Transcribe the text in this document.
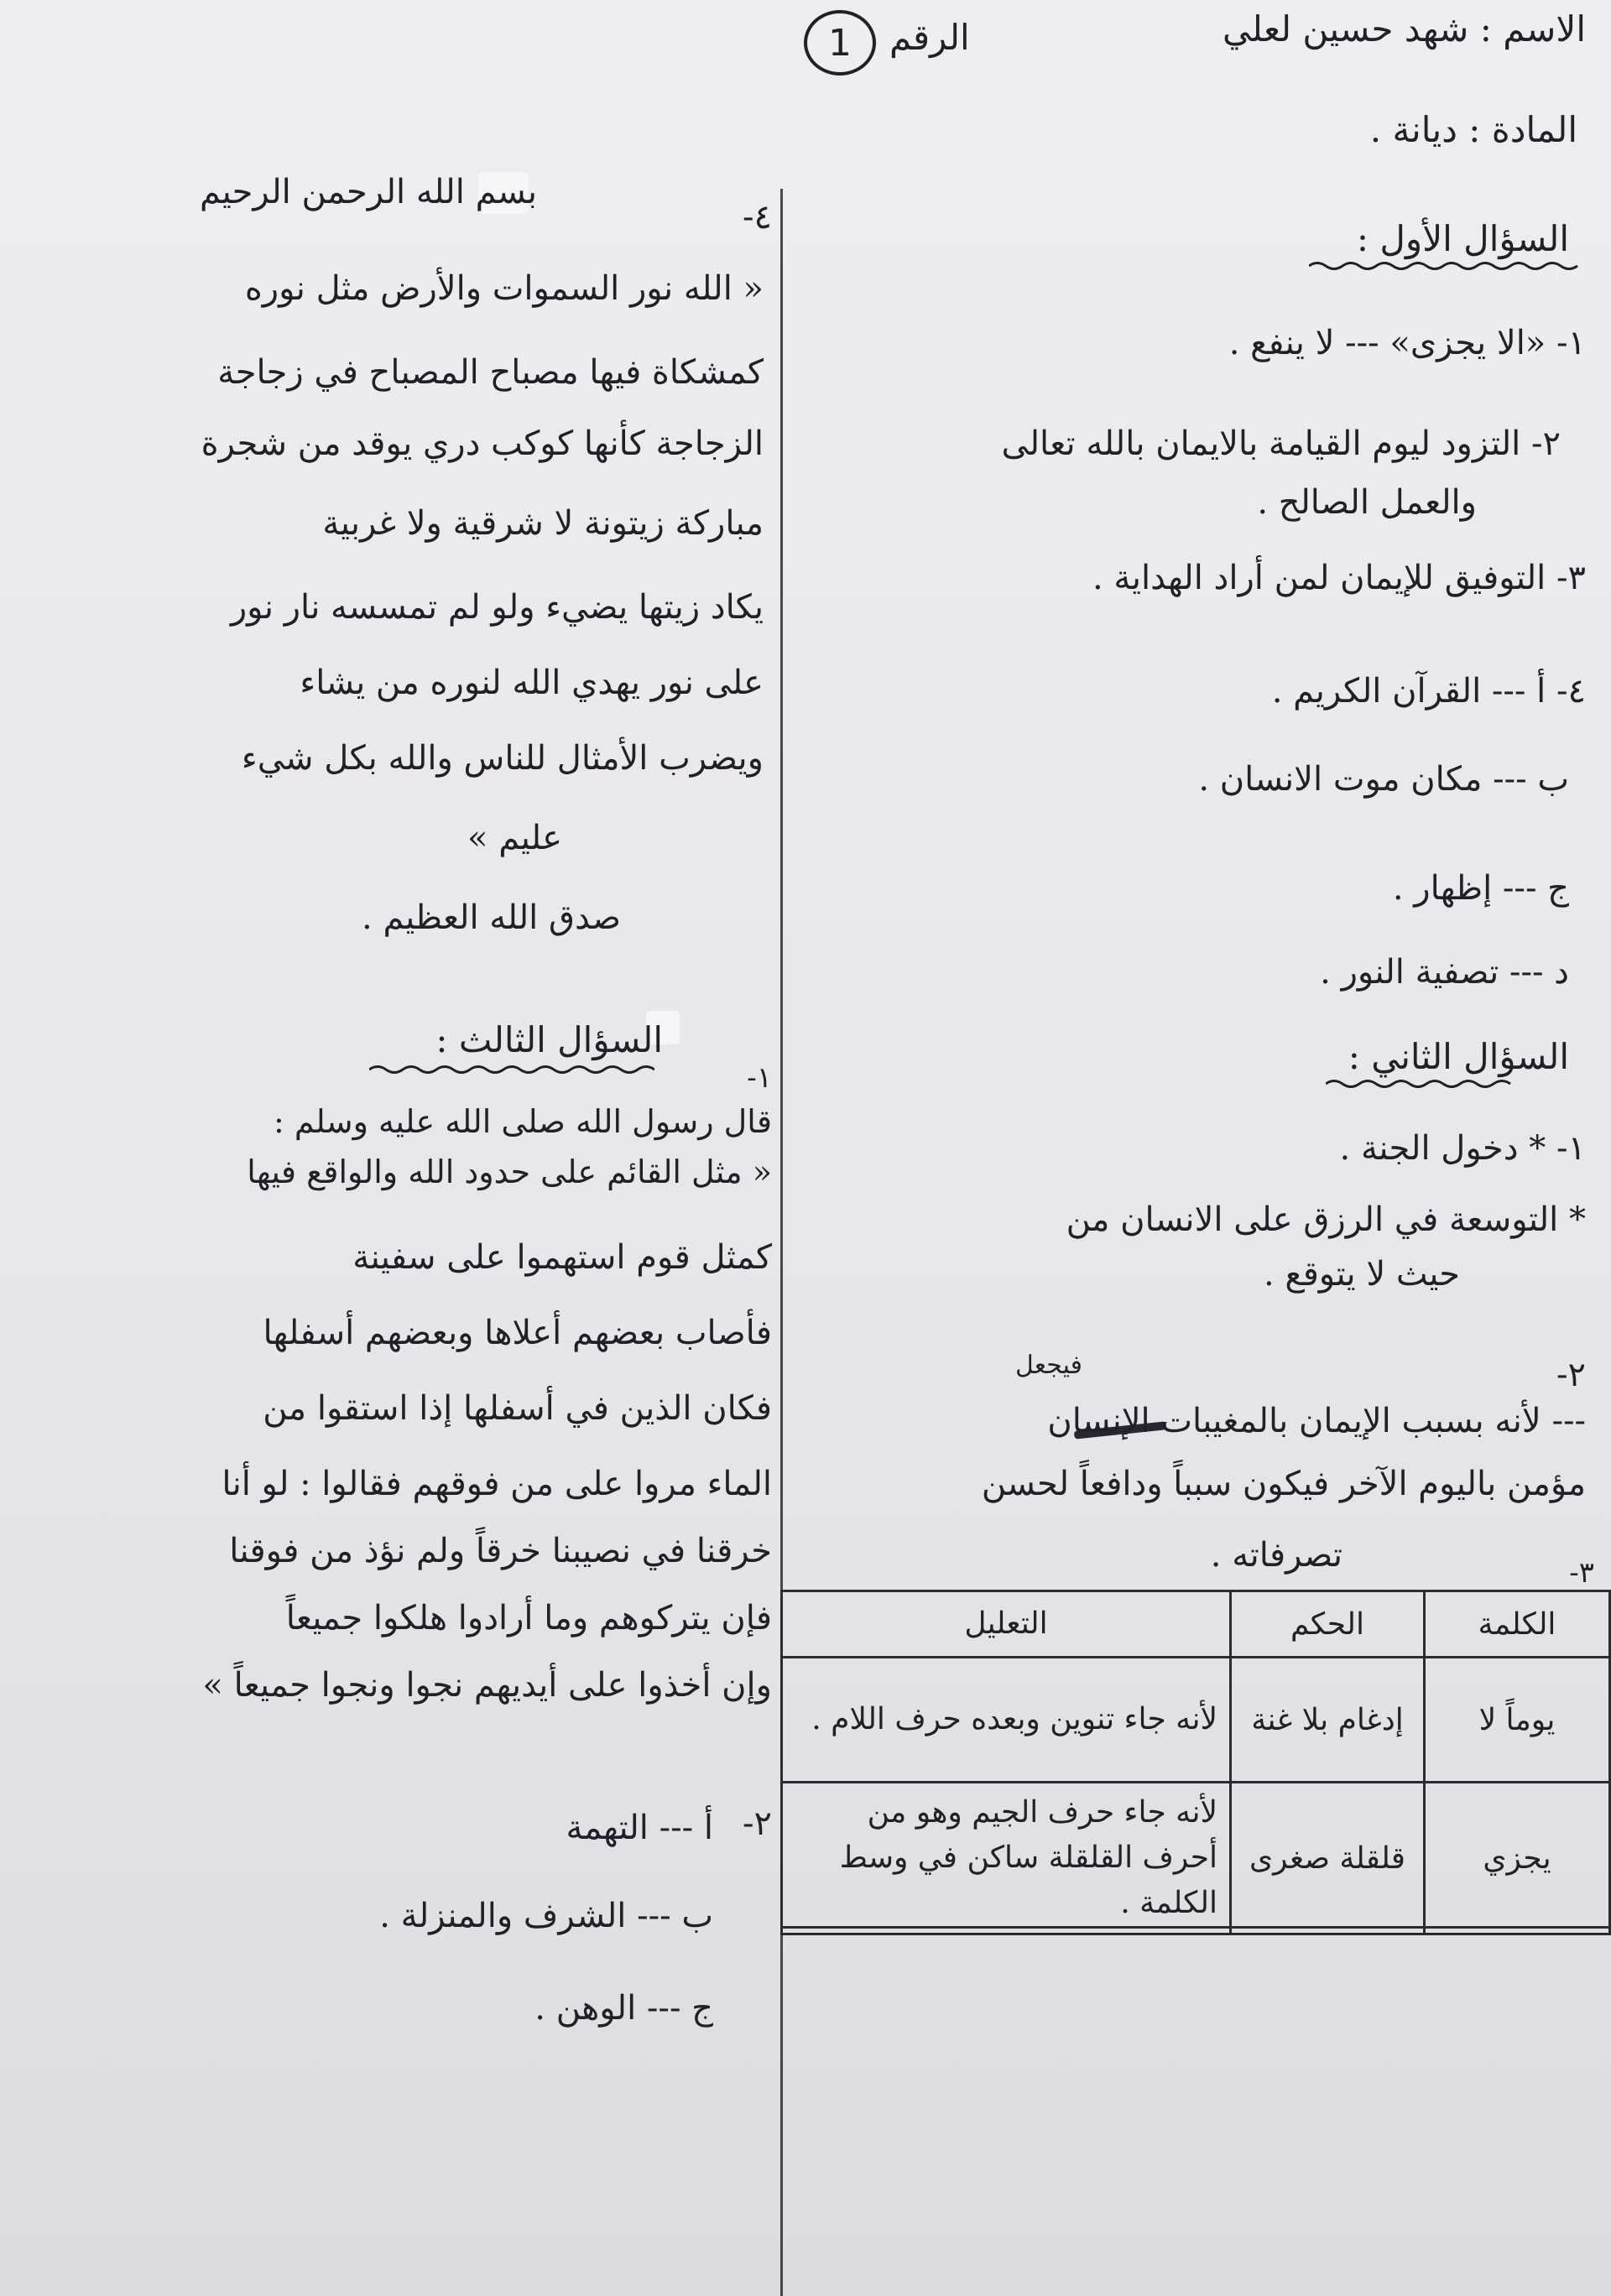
الاسم : شهد حسين لعلي
الرقم
1
المادة : ديانة .
السؤال الأول :
١- «الا يجزى» --- لا ينفع .
٢- التزود ليوم القيامة بالايمان بالله تعالى
والعمل الصالح .
٣- التوفيق للإيمان لمن أراد الهداية .
٤- أ --- القرآن الكريم .
ب --- مكان موت الانسان .
ج --- إظهار .
د --- تصفية النور .
السؤال الثاني :
١- * دخول الجنة .
* التوسعة في الرزق على الانسان من
حيث لا يتوقع .
٢-
فيجعل
--- لأنه بسبب الإيمان بالمغيبات الإنسان
مؤمن باليوم الآخر فيكون سبباً ودافعاً لحسن
تصرفاته .	٣-
الكلمة	الحكم	التعليل
يوماً لا	إدغام بلا غنة	لأنه جاء تنوين وبعده حرف اللام .
يجزي	قلقلة صغرى	لأنه جاء حرف الجيم وهو من أحرف القلقلة ساكن في وسط الكلمة .
٤-
بسم الله الرحمن الرحيم
« الله نور السموات والأرض مثل نوره
كمشكاة فيها مصباح المصباح في زجاجة
الزجاجة كأنها كوكب دري يوقد من شجرة
مباركة زيتونة لا شرقية ولا غربية
يكاد زيتها يضيء ولو لم تمسسه نار نور
على نور يهدي الله لنوره من يشاء
ويضرب الأمثال للناس والله بكل شيء
عليم »
صدق الله العظيم .
السؤال الثالث :
١-
قال رسول الله صلى الله عليه وسلم :
« مثل القائم على حدود الله والواقع فيها
كمثل قوم استهموا على سفينة
فأصاب بعضهم أعلاها وبعضهم أسفلها
فكان الذين في أسفلها إذا استقوا من
الماء مروا على من فوقهم فقالوا : لو أنا
خرقنا في نصيبنا خرقاً ولم نؤذ من فوقنا
فإن يتركوهم وما أرادوا هلكوا جميعاً
وإن أخذوا على أيديهم نجوا ونجوا جميعاً »
٢-
أ --- التهمة
ب --- الشرف والمنزلة .
ج --- الوهن .
